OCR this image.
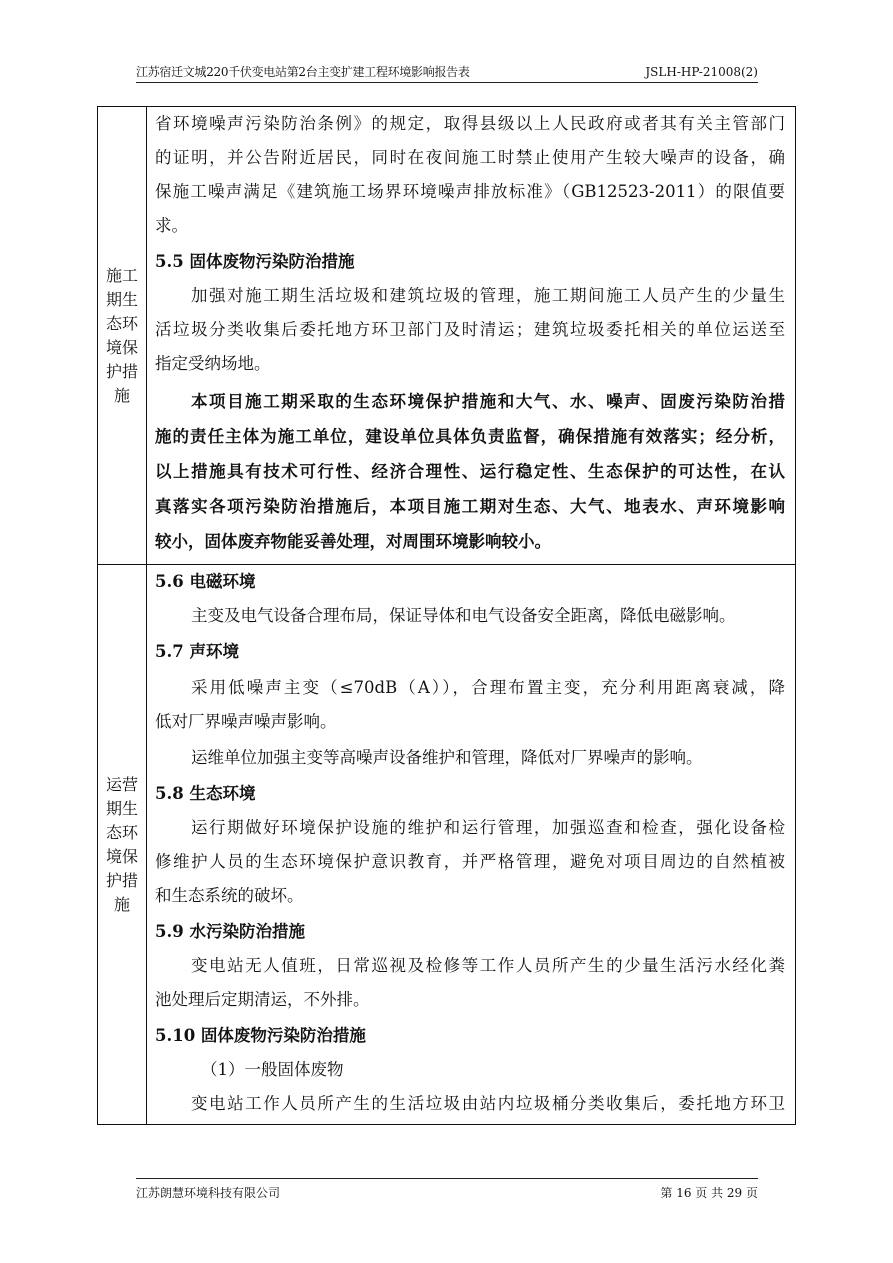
江苏宿迁文城220千伏变电站第2台主变扩建工程环境影响报告表	JSLH-HP-21008(2)
施工期生态环境保护措施
省环境噪声污染防治条例》的规定，取得县级以上人民政府或者其有关主管部门
的证明，并公告附近居民，同时在夜间施工时禁止使用产生较大噪声的设备，确
保施工噪声满足《建筑施工场界环境噪声排放标准》（GB12523-2011）的限值要
求。
5.5 固体废物污染防治措施
加强对施工期生活垃圾和建筑垃圾的管理，施工期间施工人员产生的少量生
活垃圾分类收集后委托地方环卫部门及时清运；建筑垃圾委托相关的单位运送至
指定受纳场地。
本项目施工期采取的生态环境保护措施和大气、水、噪声、固废污染防治措
施的责任主体为施工单位，建设单位具体负责监督，确保措施有效落实；经分析，
以上措施具有技术可行性、经济合理性、运行稳定性、生态保护的可达性，在认
真落实各项污染防治措施后，本项目施工期对生态、大气、地表水、声环境影响
较小，固体废弃物能妥善处理，对周围环境影响较小。
运营期生态环境保护措施
5.6 电磁环境
主变及电气设备合理布局，保证导体和电气设备安全距离，降低电磁影响。
5.7 声环境
采用低噪声主变（≤70dB（A）），合理布置主变，充分利用距离衰减，降
低对厂界噪声噪声影响。
运维单位加强主变等高噪声设备维护和管理，降低对厂界噪声的影响。
5.8 生态环境
运行期做好环境保护设施的维护和运行管理，加强巡查和检查，强化设备检
修维护人员的生态环境保护意识教育，并严格管理，避免对项目周边的自然植被
和生态系统的破坏。
5.9 水污染防治措施
变电站无人值班，日常巡视及检修等工作人员所产生的少量生活污水经化粪
池处理后定期清运，不外排。
5.10 固体废物污染防治措施
（1）一般固体废物
变电站工作人员所产生的生活垃圾由站内垃圾桶分类收集后，委托地方环卫
江苏朗慧环境科技有限公司	第 16 页 共 29 页
